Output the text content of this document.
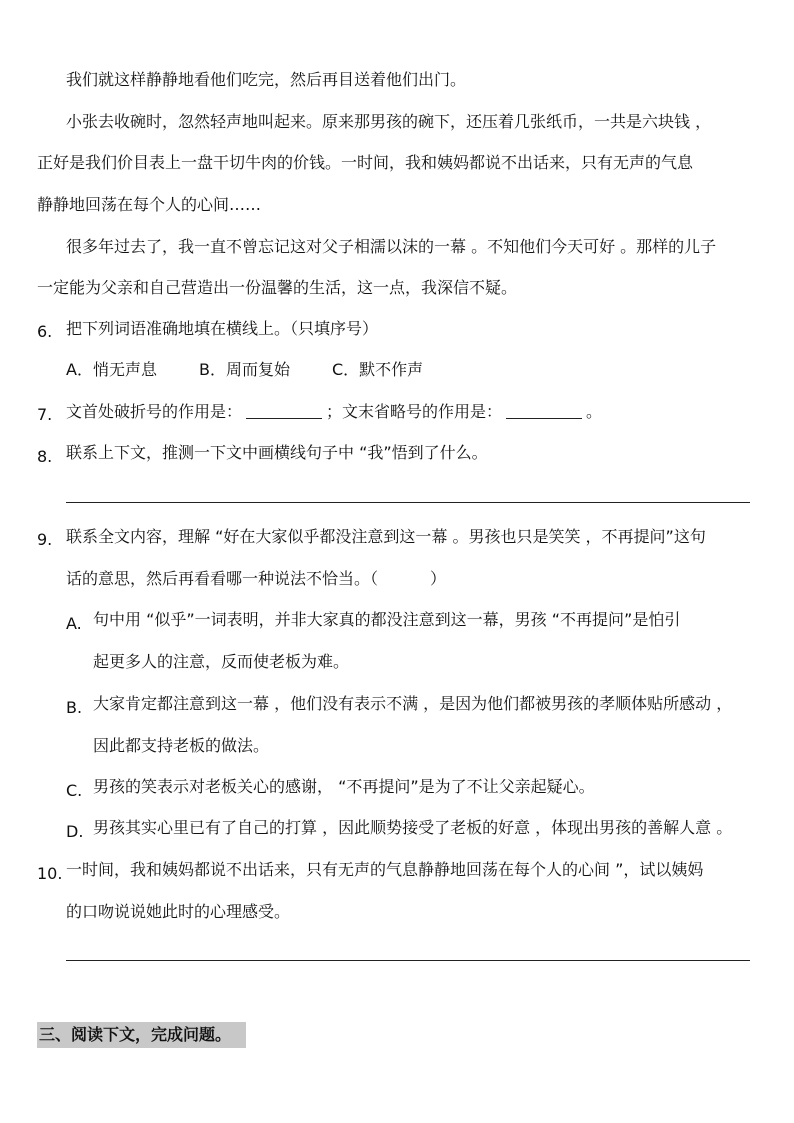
我们就这样静静地看他们吃完，然后再目送着他们出门。
小张去收碗时，忽然轻声地叫起来。原来那男孩的碗下，还压着几张纸币，一共是六块钱 ，
正好是我们价目表上一盘干切牛肉的价钱。一时间，我和姨妈都说不出话来，只有无声的气息
静静地回荡在每个人的心间……
很多年过去了，我一直不曾忘记这对父子相濡以沫的一幕 。不知他们今天可好 。那样的儿子
一定能为父亲和自己营造出一份温馨的生活，这一点，我深信不疑。
6. 把下列词语准确地填在横线上。（只填序号）
A．悄无声息	B．周而复始	C．默不作声
7. 文首处破折号的作用是：	；文末省略号的作用是：	。
8. 联系上下文，推测一下文中画横线句子中 “我”悟到了什么。
9. 联系全文内容，理解 “好在大家似乎都没注意到这一幕 。男孩也只是笑笑 ，不再提问”这句
话的意思，然后再看看哪一种说法不恰当。（	）
A. 句中用 “似乎”一词表明，并非大家真的都没注意到这一幕，男孩 “不再提问”是怕引
起更多人的注意，反而使老板为难。
B. 大家肯定都注意到这一幕 ，他们没有表示不满 ，是因为他们都被男孩的孝顺体贴所感动 ，
因此都支持老板的做法。
C. 男孩的笑表示对老板关心的感谢， “不再提问”是为了不让父亲起疑心。
D. 男孩其实心里已有了自己的打算 ，因此顺势接受了老板的好意 ，体现出男孩的善解人意 。
10. 一时间，我和姨妈都说不出话来，只有无声的气息静静地回荡在每个人的心间 ”，试以姨妈
的口吻说说她此时的心理感受。
三、阅读下文，完成问题。
